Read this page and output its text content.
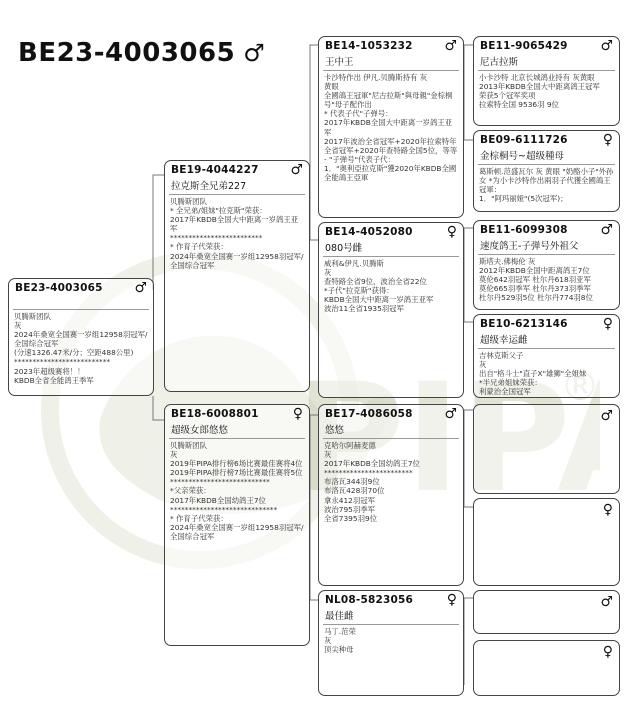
BE23-4003065 ♂
BE23-4003065 ♂
贝腾斯团队
灰
2024年桑宽全国赛一岁组12958羽冠军/全国综合冠军
(分速1326.47米/分；空距488公里)
**************************
2023年超级赛将！！
KBDB全省全能鸽王季军
BE19-4044227 ♂
拉克斯全兄弟227
贝腾斯团队
* 全兄弟/姐妹"拉克斯"荣获：
2017年KBDB全国大中距离一岁鸽王亚军
*************************
* 作育子代荣获：
2024年桑宽全国赛一岁组12958羽冠军/全国综合冠军
BE18-6008801 ♀
超级女郎悠悠
贝腾斯团队
灰
2019年PIPA排行榜6场比赛最佳赛将4位
2019年PIPA排行榜7场比赛最佳赛将5位
***************************
*父亲荣获：
2017年KBDB全国幼鸽王7位
*****************************
* 作育子代荣获：
2024年桑宽全国赛一岁组12958羽冠军/全国综合冠军
BE14-1053232 ♂
王中王
卡沙特作出 伊凡.贝腾斯持有 灰
黄眼
全國鴿王冠軍"尼古拉斯"與母親"金棕桐号"母子配作出
* 代表子代"子弹号：
2017年KBDB全国大中距离一岁鸽王亚军
2017年波治全省冠军+2020年拉索特年全省冠军+2020年查特路全国5位，等等
- "子弹号"代表子代：
1．"奥利亞拉克斯"獲2020年KBDB全國全能鴿王亞軍
BE14-4052080 ♀
080号雌
威利&伊凡.贝腾斯
灰
查特路全省9位，波治全省22位
*子代"拉克斯"获得：
KBDB全国大中距离一岁鸽王亚军
波治11全省1935羽冠军
BE17-4086058 ♂
悠悠
克哈尔阿赫麦德
灰
2017年KBDB全国幼鸽王7位
************************
布洛瓦344羽9位
布洛瓦428羽70位
拿永412羽冠军
波治795羽季军
全省7395羽9位
NL08-5823056 ♀
最佳雌
马丁.范荣
灰
顶尖种母
BE11-9065429 ♂
尼古拉斯
小卡沙特 北京长城鸽业持有 灰黄眼
2013年KBDB全国大中距离鸽王冠军
荣获5个冠军奖项
拉索特全国 9536羽 9位
BE09-6111726	♀
金棕桐号~超级種母
葛斯顿.范盛瓦尔 灰 黄眼 "奶酪小子"外孙女 *为小卡沙特作出兩羽子代獲全國鴿王冠軍：
1．"阿玛丽娅"(5次冠军)；
BE11-6099308 ♂
速度鸽王-子弹号外祖父
斯塔夫.佛梅伦 灰
2012年KBDB全国中距离鸽王7位
莫伦642羽冠军 杜尔丹618羽亚军
莫伦665羽季军 杜尔丹373羽季军
杜尔丹529羽5位 杜尔丹774羽8位
BE10-6213146	♀
超级幸运雌
吉林克斯父子
灰
出自"格斗士"直子X"雄狮"全姐妹
*半兄弟姐妹荣获：
利蒙治全国冠军
♂
♀
♂
♀
